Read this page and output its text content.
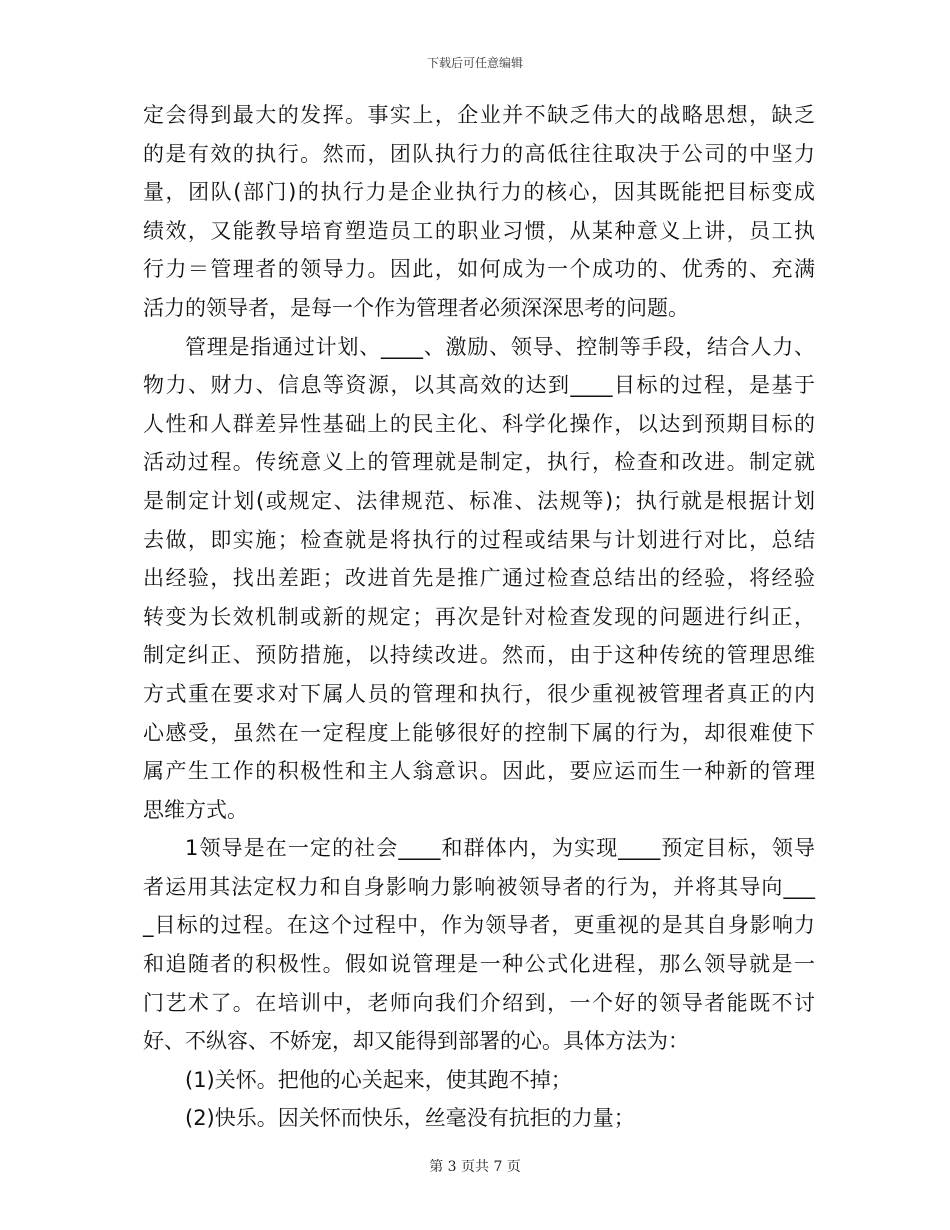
下载后可任意编辑
定会得到最大的发挥。事实上，企业并不缺乏伟大的战略思想，缺乏
的是有效的执行。然而，团队执行力的高低往往取决于公司的中坚力
量，团队(部门)的执行力是企业执行力的核心，因其既能把目标变成
绩效，又能教导培育塑造员工的职业习惯，从某种意义上讲，员工执
行力＝管理者的领导力。因此，如何成为一个成功的、优秀的、充满
活力的领导者，是每一个作为管理者必须深深思考的问题。
管理是指通过计划、____、激励、领导、控制等手段，结合人力、
物力、财力、信息等资源，以其高效的达到____目标的过程，是基于
人性和人群差异性基础上的民主化、科学化操作，以达到预期目标的
活动过程。传统意义上的管理就是制定，执行，检查和改进。制定就
是制定计划(或规定、法律规范、标准、法规等)；执行就是根据计划
去做，即实施；检查就是将执行的过程或结果与计划进行对比，总结
出经验，找出差距；改进首先是推广通过检查总结出的经验，将经验
转变为长效机制或新的规定；再次是针对检查发现的问题进行纠正，
制定纠正、预防措施，以持续改进。然而，由于这种传统的管理思维
方式重在要求对下属人员的管理和执行，很少重视被管理者真正的内
心感受，虽然在一定程度上能够很好的控制下属的行为，却很难使下
属产生工作的积极性和主人翁意识。因此，要应运而生一种新的管理
思维方式。
1领导是在一定的社会____和群体内，为实现____预定目标，领导
者运用其法定权力和自身影响力影响被领导者的行为，并将其导向___
_目标的过程。在这个过程中，作为领导者，更重视的是其自身影响力
和追随者的积极性。假如说管理是一种公式化进程，那么领导就是一
门艺术了。在培训中，老师向我们介绍到，一个好的领导者能既不讨
好、不纵容、不娇宠，却又能得到部署的心。具体方法为：
(1)关怀。把他的心关起来，使其跑不掉；
(2)快乐。因关怀而快乐，丝毫没有抗拒的力量；
第 3 页共 7 页
